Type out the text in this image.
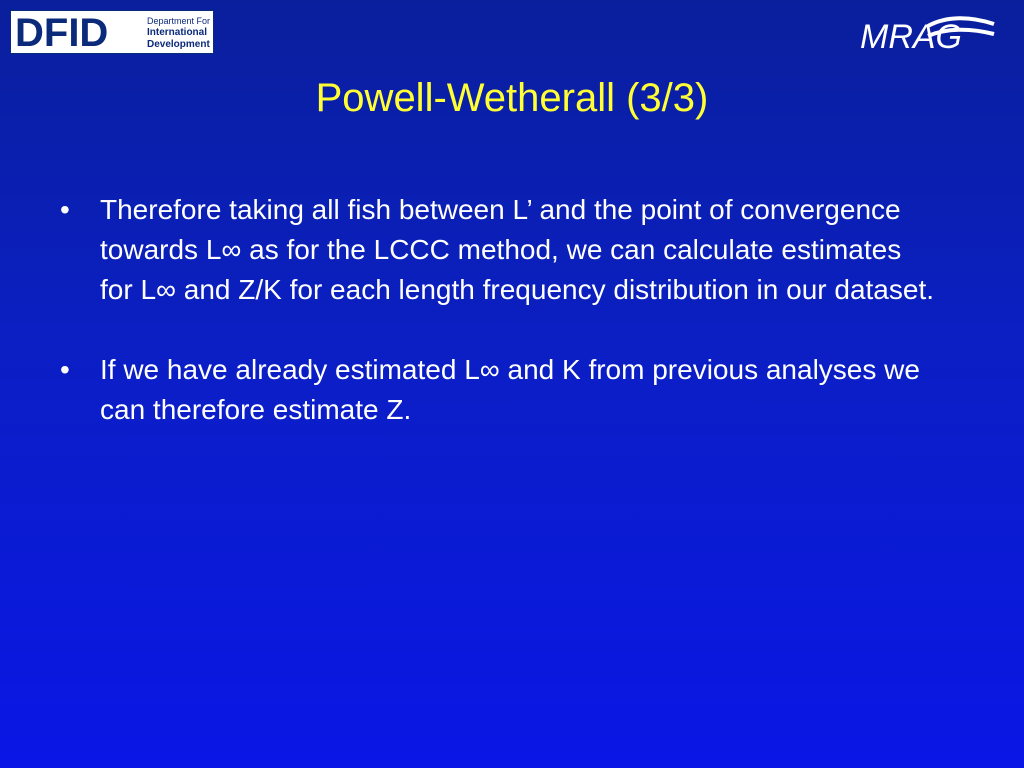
DFID	Department For
International
Development	MRAG
Powell-Wetherall (3/3)
• Therefore taking all fish between L’ and the point of convergence towards L∞ as for the LCCC method, we can calculate estimates for L∞ and Z/K for each length frequency distribution in our dataset.
• If we have already estimated L∞ and K from previous analyses we can therefore estimate Z.
